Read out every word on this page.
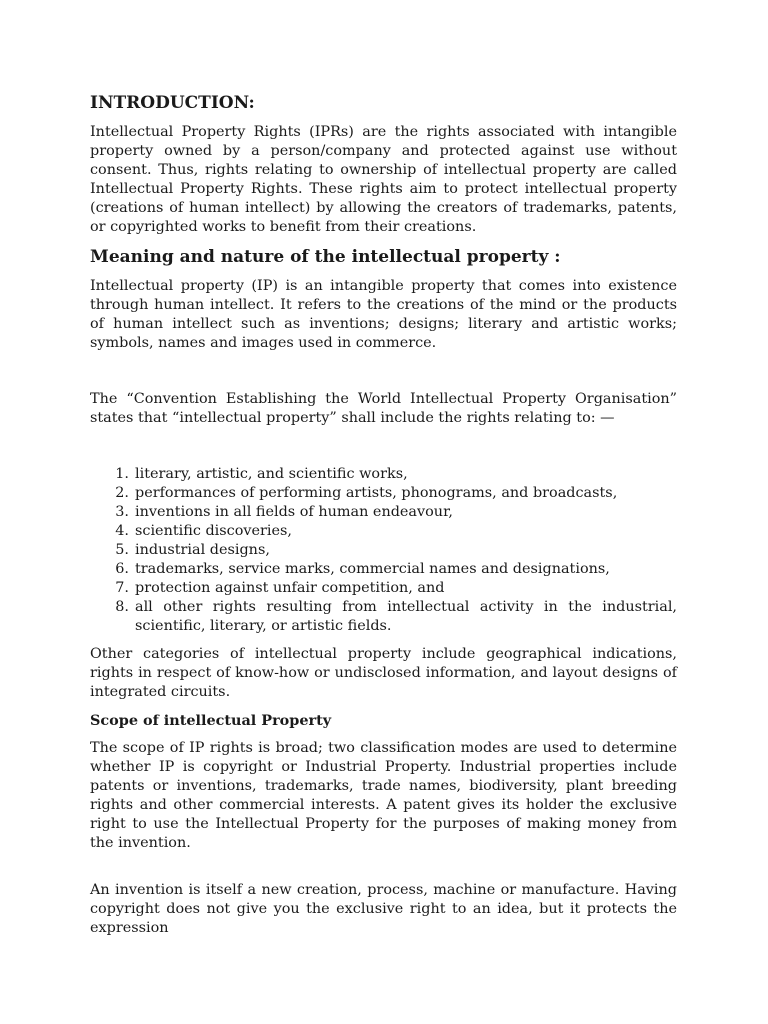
INTRODUCTION:

Intellectual Property Rights (IPRs) are the rights associated with intangible property owned by a person/company and protected against use without consent. Thus, rights relating to ownership of intellectual property are called Intellectual Property Rights. These rights aim to protect intellectual property (creations of human intellect) by allowing the creators of trademarks, patents, or copyrighted works to benefit from their creations.

Meaning and nature of the intellectual property :

Intellectual property (IP) is an intangible property that comes into existence through human intellect. It refers to the creations of the mind or the products of human intellect such as inventions; designs; literary and artistic works; symbols, names and images used in commerce.

The “Convention Establishing the World Intellectual Property Organisation” states that “intellectual property” shall include the rights relating to: —

1. literary, artistic, and scientific works,
2. performances of performing artists, phonograms, and broadcasts,
3. inventions in all fields of human endeavour,
4. scientific discoveries,
5. industrial designs,
6. trademarks, service marks, commercial names and designations,
7. protection against unfair competition, and
8. all other rights resulting from intellectual activity in the industrial, scientific, literary, or artistic fields.

Other categories of intellectual property include geographical indications, rights in respect of know-how or undisclosed information, and layout designs of integrated circuits.

Scope of intellectual Property

The scope of IP rights is broad; two classification modes are used to determine whether IP is copyright or Industrial Property. Industrial properties include patents or inventions, trademarks, trade names, biodiversity, plant breeding rights and other commercial interests. A patent gives its holder the exclusive right to use the Intellectual Property for the purposes of making money from the invention.

An invention is itself a new creation, process, machine or manufacture. Having copyright does not give you the exclusive right to an idea, but it protects the expression
